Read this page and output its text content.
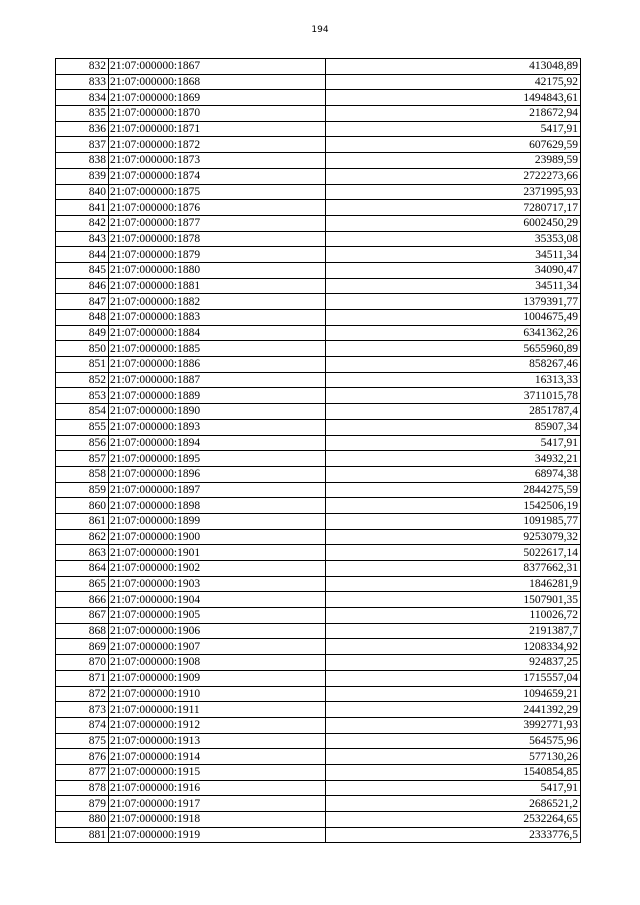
194
832	21:07:000000:1867	413048,89
833	21:07:000000:1868	42175,92
834	21:07:000000:1869	1494843,61
835	21:07:000000:1870	218672,94
836	21:07:000000:1871	5417,91
837	21:07:000000:1872	607629,59
838	21:07:000000:1873	23989,59
839	21:07:000000:1874	2722273,66
840	21:07:000000:1875	2371995,93
841	21:07:000000:1876	7280717,17
842	21:07:000000:1877	6002450,29
843	21:07:000000:1878	35353,08
844	21:07:000000:1879	34511,34
845	21:07:000000:1880	34090,47
846	21:07:000000:1881	34511,34
847	21:07:000000:1882	1379391,77
848	21:07:000000:1883	1004675,49
849	21:07:000000:1884	6341362,26
850	21:07:000000:1885	5655960,89
851	21:07:000000:1886	858267,46
852	21:07:000000:1887	16313,33
853	21:07:000000:1889	3711015,78
854	21:07:000000:1890	2851787,4
855	21:07:000000:1893	85907,34
856	21:07:000000:1894	5417,91
857	21:07:000000:1895	34932,21
858	21:07:000000:1896	68974,38
859	21:07:000000:1897	2844275,59
860	21:07:000000:1898	1542506,19
861	21:07:000000:1899	1091985,77
862	21:07:000000:1900	9253079,32
863	21:07:000000:1901	5022617,14
864	21:07:000000:1902	8377662,31
865	21:07:000000:1903	1846281,9
866	21:07:000000:1904	1507901,35
867	21:07:000000:1905	110026,72
868	21:07:000000:1906	2191387,7
869	21:07:000000:1907	1208334,92
870	21:07:000000:1908	924837,25
871	21:07:000000:1909	1715557,04
872	21:07:000000:1910	1094659,21
873	21:07:000000:1911	2441392,29
874	21:07:000000:1912	3992771,93
875	21:07:000000:1913	564575,96
876	21:07:000000:1914	577130,26
877	21:07:000000:1915	1540854,85
878	21:07:000000:1916	5417,91
879	21:07:000000:1917	2686521,2
880	21:07:000000:1918	2532264,65
881	21:07:000000:1919	2333776,5
